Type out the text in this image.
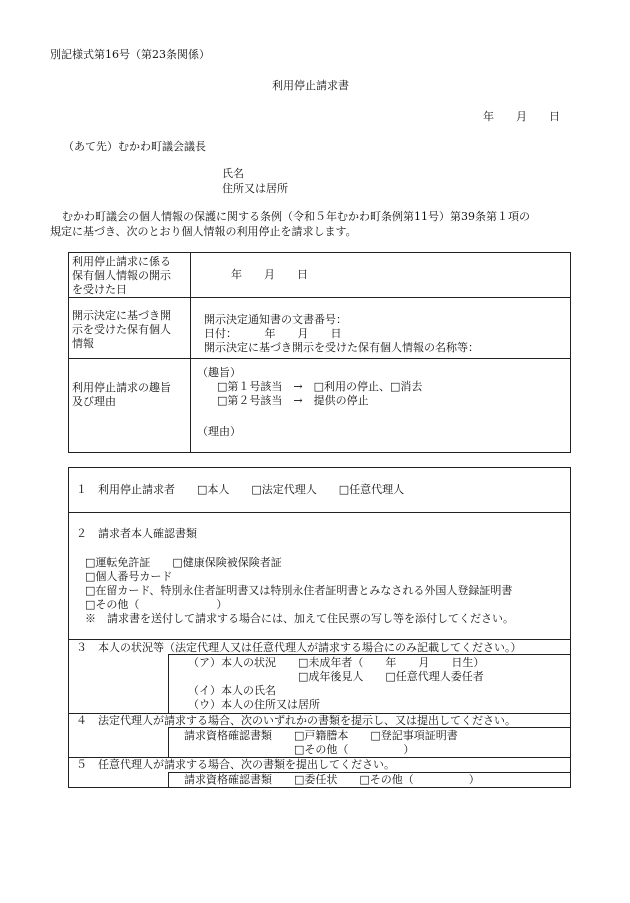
別記様式第16号（第23条関係）
利用停止請求書
年　　月　　日
（あて先）むかわ町議会議長
氏名
住所又は居所
むかわ町議会の個人情報の保護に関する条例（令和５年むかわ町条例第11号）第39条第１項の
規定に基づき、次のとおり個人情報の利用停止を請求します。
利用停止請求に係る
保有個人情報の開示
を受けた日
年　　月　　日
開示決定に基づき開
示を受けた保有個人
情報
開示決定通知書の文書番号：
日付：　　　年　　月　　日
開示決定に基づき開示を受けた保有個人情報の名称等：
利用停止請求の趣旨
及び理由
（趣旨）
□第１号該当　→　□利用の停止、□消去
□第２号該当　→　提供の停止
（理由）
１　利用停止請求者　　□本人　　□法定代理人　　□任意代理人
２　請求者本人確認書類
□運転免許証　　□健康保険被保険者証
□個人番号カード
□在留カード、特別永住者証明書又は特別永住者証明書とみなされる外国人登録証明書
□その他（　　　　　　　）
※　請求書を送付して請求する場合には、加えて住民票の写し等を添付してください。
３　本人の状況等（法定代理人又は任意代理人が請求する場合にのみ記載してください。）
（ア）本人の状況　　□未成年者（　　年　　月　　日生）
　　　　　　　　　　□成年後見人　　□任意代理人委任者
（イ）本人の氏名
（ウ）本人の住所又は居所
４　法定代理人が請求する場合、次のいずれかの書類を提示し、又は提出してください。
請求資格確認書類　　□戸籍謄本　　□登記事項証明書
　　　　　　　　　　□その他（　　　　　）
５　任意代理人が請求する場合、次の書類を提出してください。
請求資格確認書類　　□委任状　　□その他（　　　　　）
